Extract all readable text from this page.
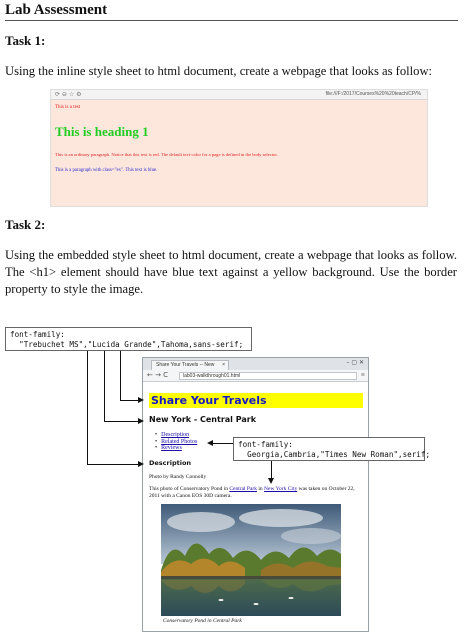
Lab Assessment
Task 1:
Using the inline style sheet to html document, create a webpage that looks as follow:
⟳ ⊖ ☆ ⚙	file:///F:/2017/Courses%20%20teach/CP/%
This is a test
This is heading 1
This is an ordinary paragraph. Notice that this text is red. The default text-color for a page is defined in the body selector.
This is a paragraph with class="ex". This text is blue.
Task 2:
Using the embedded style sheet to html document, create a webpage that looks as follow. The <h1> element should have blue text against a yellow background. Use the border property to style the image.
font-family:
"Trebuchet MS","Lucida Grande",Tahoma,sans-serif;
Share Your Travels -- New ×	– ▢ ✕
← → C	lab03-walkthrough01.html	≡
Share Your Travels
New York - Central Park
• Description
• Related Photos
• Reviews
Description
Photo by Randy Connolly
This photo of Conservatory Pond in Central Park in New York City was taken on October 22, 2011 with a Canon EOS 30D camera.
Conservatory Pond in Central Park
font-family:
Georgia,Cambria,"Times New Roman",serif;
